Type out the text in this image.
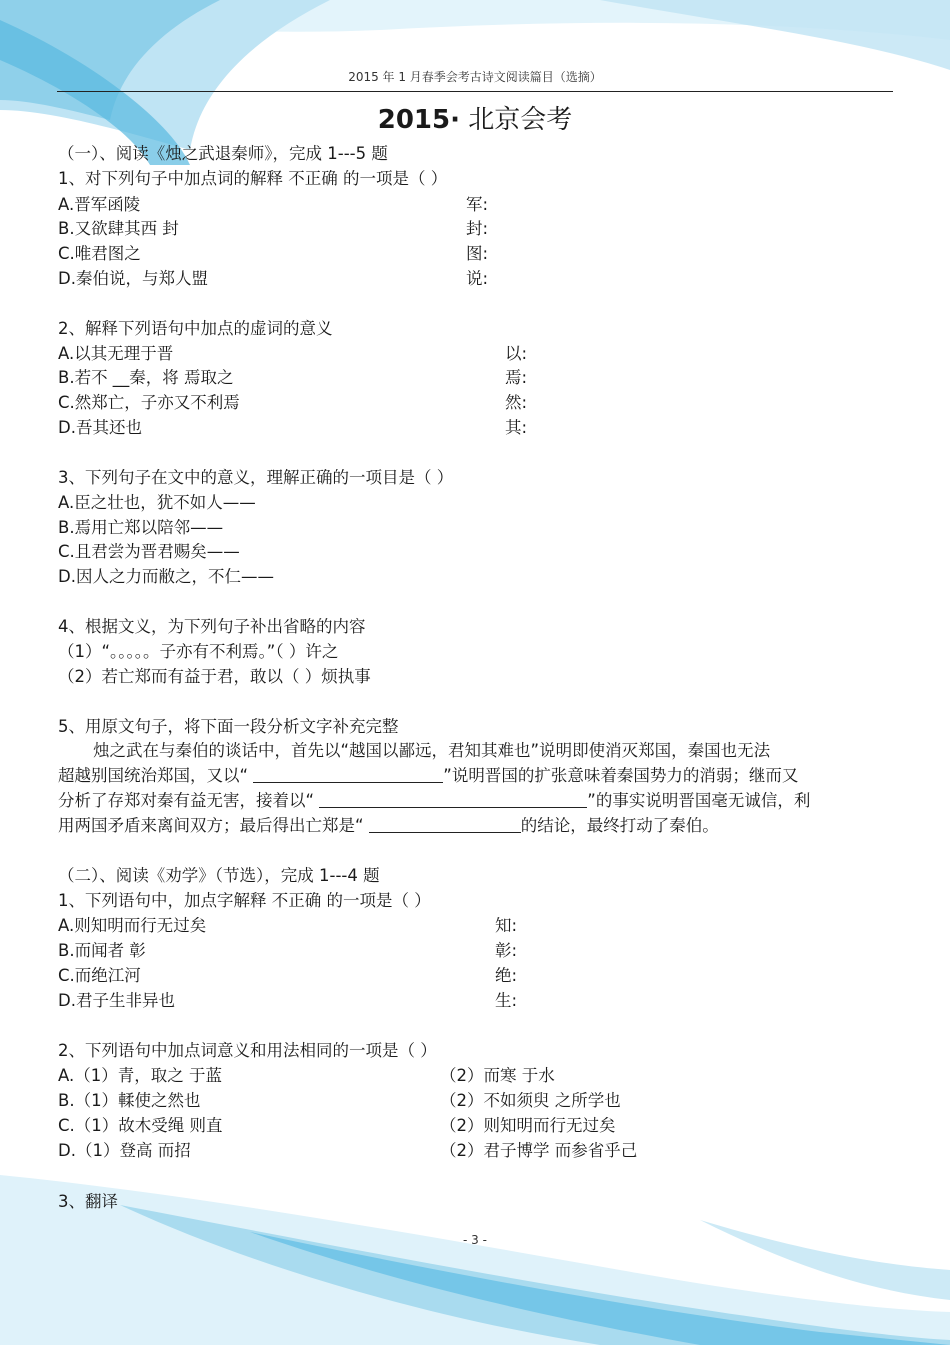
2015 年 1 月春季会考古诗文阅读篇目（选摘）
2015· 北京会考
（一）、阅读《烛之武退秦师》，完成 1---5 题
1、对下列句子中加点词的解释 不正确 的一项是（ ）
A.晋军函陵	军:
B.又欲肆其西 封	封:
C.唯君图之	图:
D.秦伯说，与郑人盟	说:
2、解释下列语句中加点的虚词的意义
A.以其无理于晋	以:
B.若不 __秦，将 焉取之	焉:
C.然郑亡，子亦又不利焉	然:
D.吾其还也	其:
3、下列句子在文中的意义，理解正确的一项目是（ ）
A.臣之壮也，犹不如人——
B.焉用亡郑以陪邻——
C.且君尝为晋君赐矣——
D.因人之力而敝之，不仁——
4、根据文义，为下列句子补出省略的内容
（1）“。。。。。子亦有不利焉。”（ ）许之
（2）若亡郑而有益于君，敢以（ ）烦执事
5、用原文句子，将下面一段分析文字补充完整
烛之武在与秦伯的谈话中，首先以“越国以鄙远，君知其难也”说明即使消灭郑国，秦国也无法
超越别国统治郑国，又以“	”说明晋国的扩张意味着秦国势力的消弱；继而又
分析了存郑对秦有益无害，接着以“	”的事实说明晋国毫无诚信，利
用两国矛盾来离间双方；最后得出亡郑是“	的结论，最终打动了秦伯。
（二）、阅读《劝学》（节选），完成 1---4 题
1、下列语句中，加点字解释 不正确 的一项是（ ）
A.则知明而行无过矣	知:
B.而闻者 彰	彰:
C.而绝江河	绝:
D.君子生非异也	生:
2、下列语句中加点词意义和用法相同的一项是（ ）
A.（1）青，取之 于蓝	（2）而寒 于水
B.（1）輮使之然也	（2）不如须臾 之所学也
C.（1）故木受绳 则直	（2）则知明而行无过矣
D.（1）登高 而招	（2）君子博学 而参省乎己
3、翻译
- 3 -
